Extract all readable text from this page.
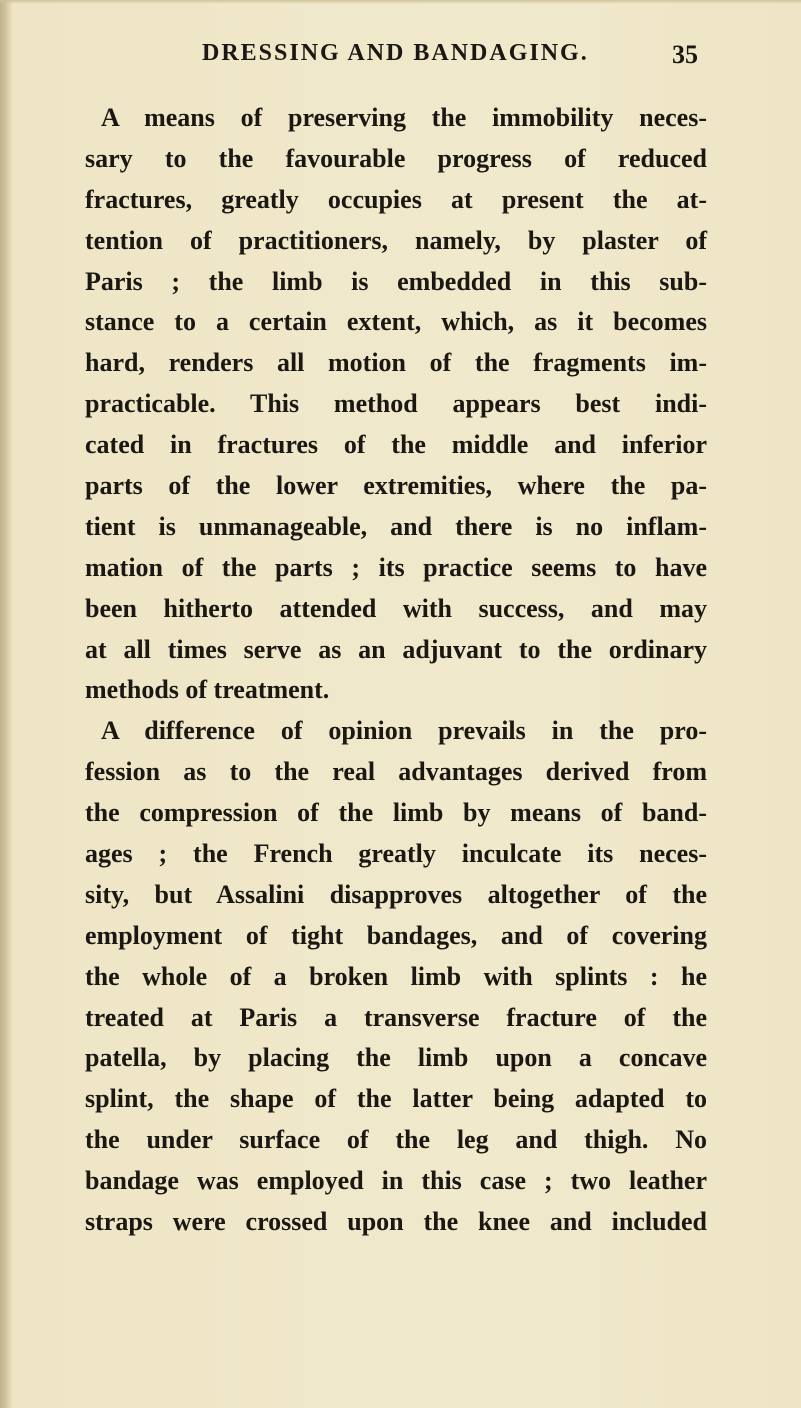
DRESSING AND BANDAGING.	35
A means of preserving the immobility neces-
sary to the favourable progress of reduced
fractures, greatly occupies at present the at-
tention of practitioners, namely, by plaster of
Paris ; the limb is embedded in this sub-
stance to a certain extent, which, as it becomes
hard, renders all motion of the fragments im-
practicable. This method appears best indi-
cated in fractures of the middle and inferior
parts of the lower extremities, where the pa-
tient is unmanageable, and there is no inflam-
mation of the parts ; its practice seems to have
been hitherto attended with success, and may
at all times serve as an adjuvant to the ordinary
methods of treatment.
A difference of opinion prevails in the pro-
fession as to the real advantages derived from
the compression of the limb by means of band-
ages ; the French greatly inculcate its neces-
sity, but Assalini disapproves altogether of the
employment of tight bandages, and of covering
the whole of a broken limb with splints : he
treated at Paris a transverse fracture of the
patella, by placing the limb upon a concave
splint, the shape of the latter being adapted to
the under surface of the leg and thigh. No
bandage was employed in this case ; two leather
straps were crossed upon the knee and included
